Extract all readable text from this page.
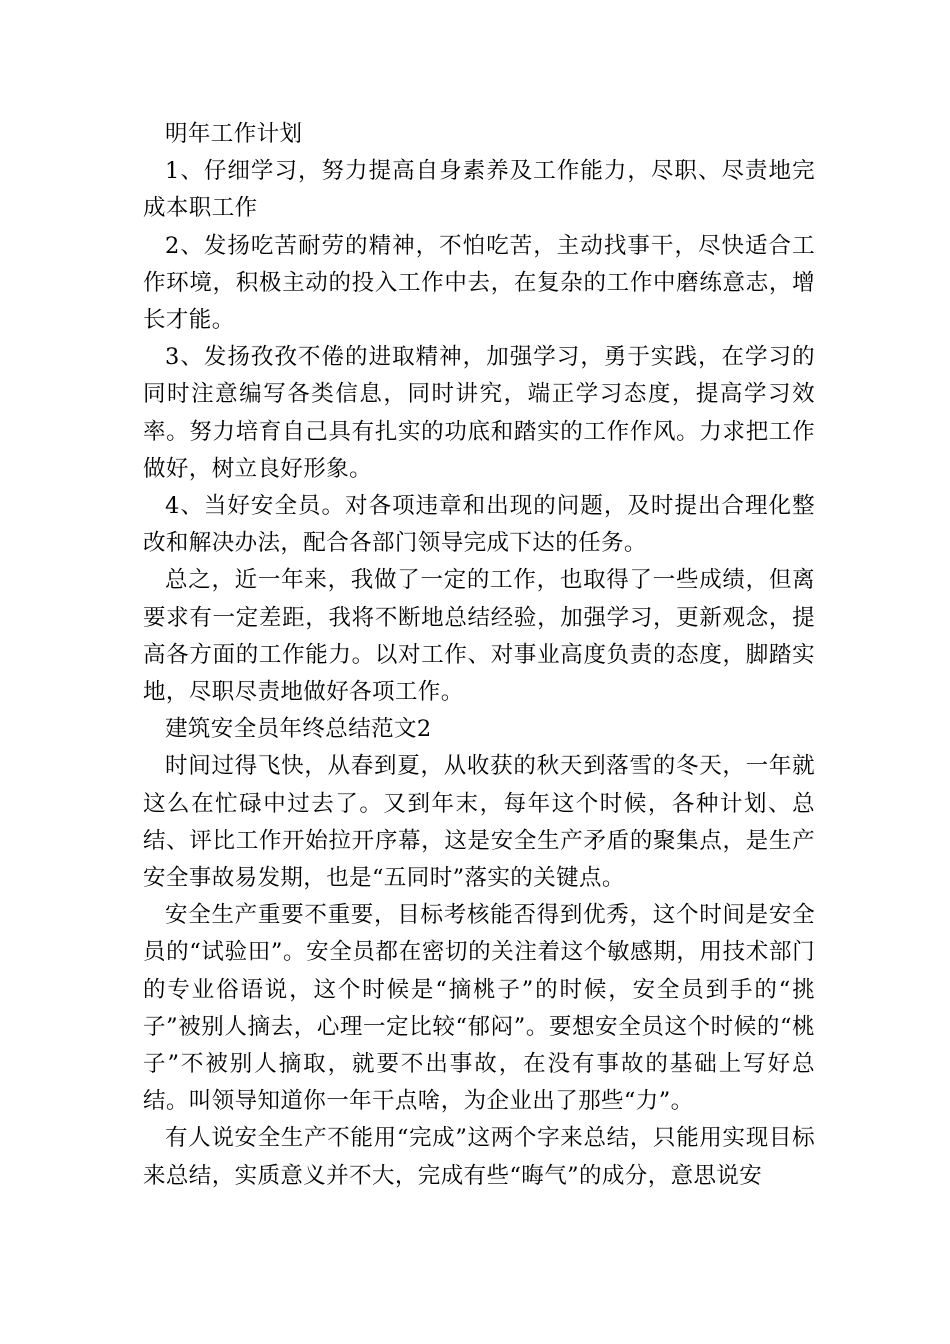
明年工作计划

1、仔细学习，努力提高自身素养及工作能力，尽职、尽责地完成本职工作

2、发扬吃苦耐劳的精神，不怕吃苦，主动找事干，尽快适合工作环境，积极主动的投入工作中去，在复杂的工作中磨练意志，增长才能。

3、发扬孜孜不倦的进取精神，加强学习，勇于实践，在学习的同时注意编写各类信息，同时讲究，端正学习态度，提高学习效率。努力培育自己具有扎实的功底和踏实的工作作风。力求把工作做好，树立良好形象。

4、当好安全员。对各项违章和出现的问题，及时提出合理化整改和解决办法，配合各部门领导完成下达的任务。

总之，近一年来，我做了一定的工作，也取得了一些成绩，但离要求有一定差距，我将不断地总结经验，加强学习，更新观念，提高各方面的工作能力。以对工作、对事业高度负责的态度，脚踏实地，尽职尽责地做好各项工作。

建筑安全员年终总结范文2

时间过得飞快，从春到夏，从收获的秋天到落雪的冬天，一年就这么在忙碌中过去了。又到年末，每年这个时候，各种计划、总结、评比工作开始拉开序幕，这是安全生产矛盾的聚集点，是生产安全事故易发期，也是“五同时”落实的关键点。

安全生产重要不重要，目标考核能否得到优秀，这个时间是安全员的“试验田”。安全员都在密切的关注着这个敏感期，用技术部门的专业俗语说，这个时候是“摘桃子”的时候，安全员到手的“挑子”被别人摘去，心理一定比较“郁闷”。要想安全员这个时候的“桃子”不被别人摘取，就要不出事故，在没有事故的基础上写好总结。叫领导知道你一年干点啥，为企业出了那些“力”。

有人说安全生产不能用“完成”这两个字来总结，只能用实现目标来总结，实质意义并不大，完成有些“晦气”的成分，意思说安
